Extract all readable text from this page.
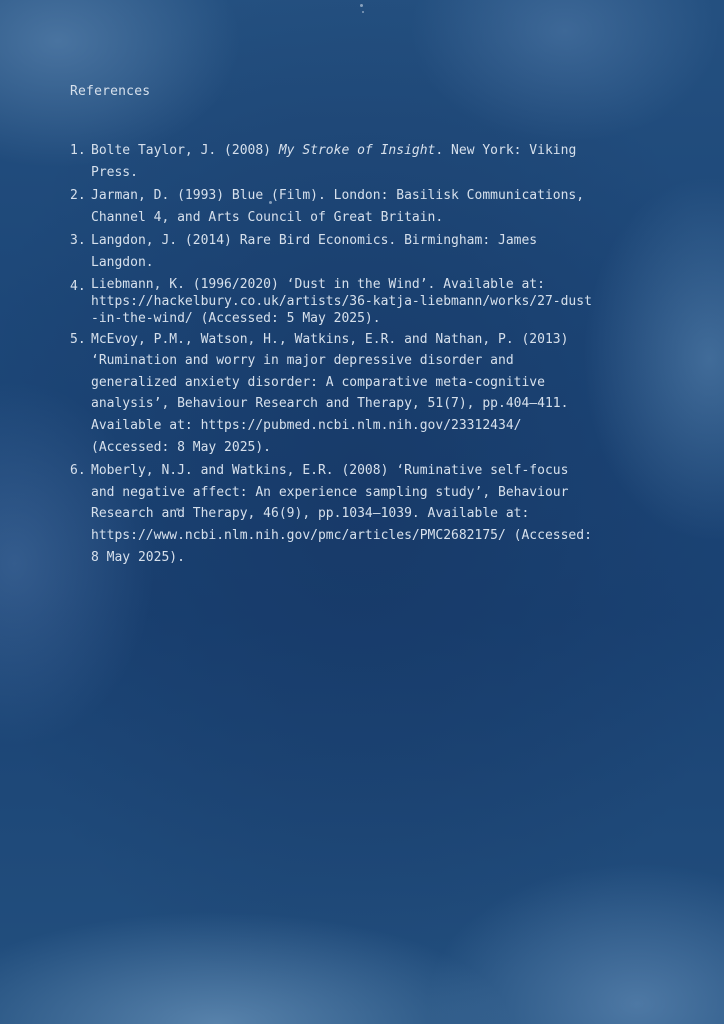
References
1. Bolte Taylor, J. (2008) My Stroke of Insight. New York: Viking
Press.
2. Jarman, D. (1993) Blue (Film). London: Basilisk Communications,
Channel 4, and Arts Council of Great Britain.
3. Langdon, J. (2014) Rare Bird Economics. Birmingham: James
Langdon.
4. Liebmann, K. (1996/2020) ‘Dust in the Wind’. Available at:
https://hackelbury.co.uk/artists/36-katja-liebmann/works/27-dust
-in-the-wind/ (Accessed: 5 May 2025).
5. McEvoy, P.M., Watson, H., Watkins, E.R. and Nathan, P. (2013)
‘Rumination and worry in major depressive disorder and
generalized anxiety disorder: A comparative meta-cognitive
analysis’, Behaviour Research and Therapy, 51(7), pp.404–411.
Available at: https://pubmed.ncbi.nlm.nih.gov/23312434/
(Accessed: 8 May 2025).
6. Moberly, N.J. and Watkins, E.R. (2008) ‘Ruminative self-focus
and negative affect: An experience sampling study’, Behaviour
Research and Therapy, 46(9), pp.1034–1039. Available at:
https://www.ncbi.nlm.nih.gov/pmc/articles/PMC2682175/ (Accessed:
8 May 2025).
